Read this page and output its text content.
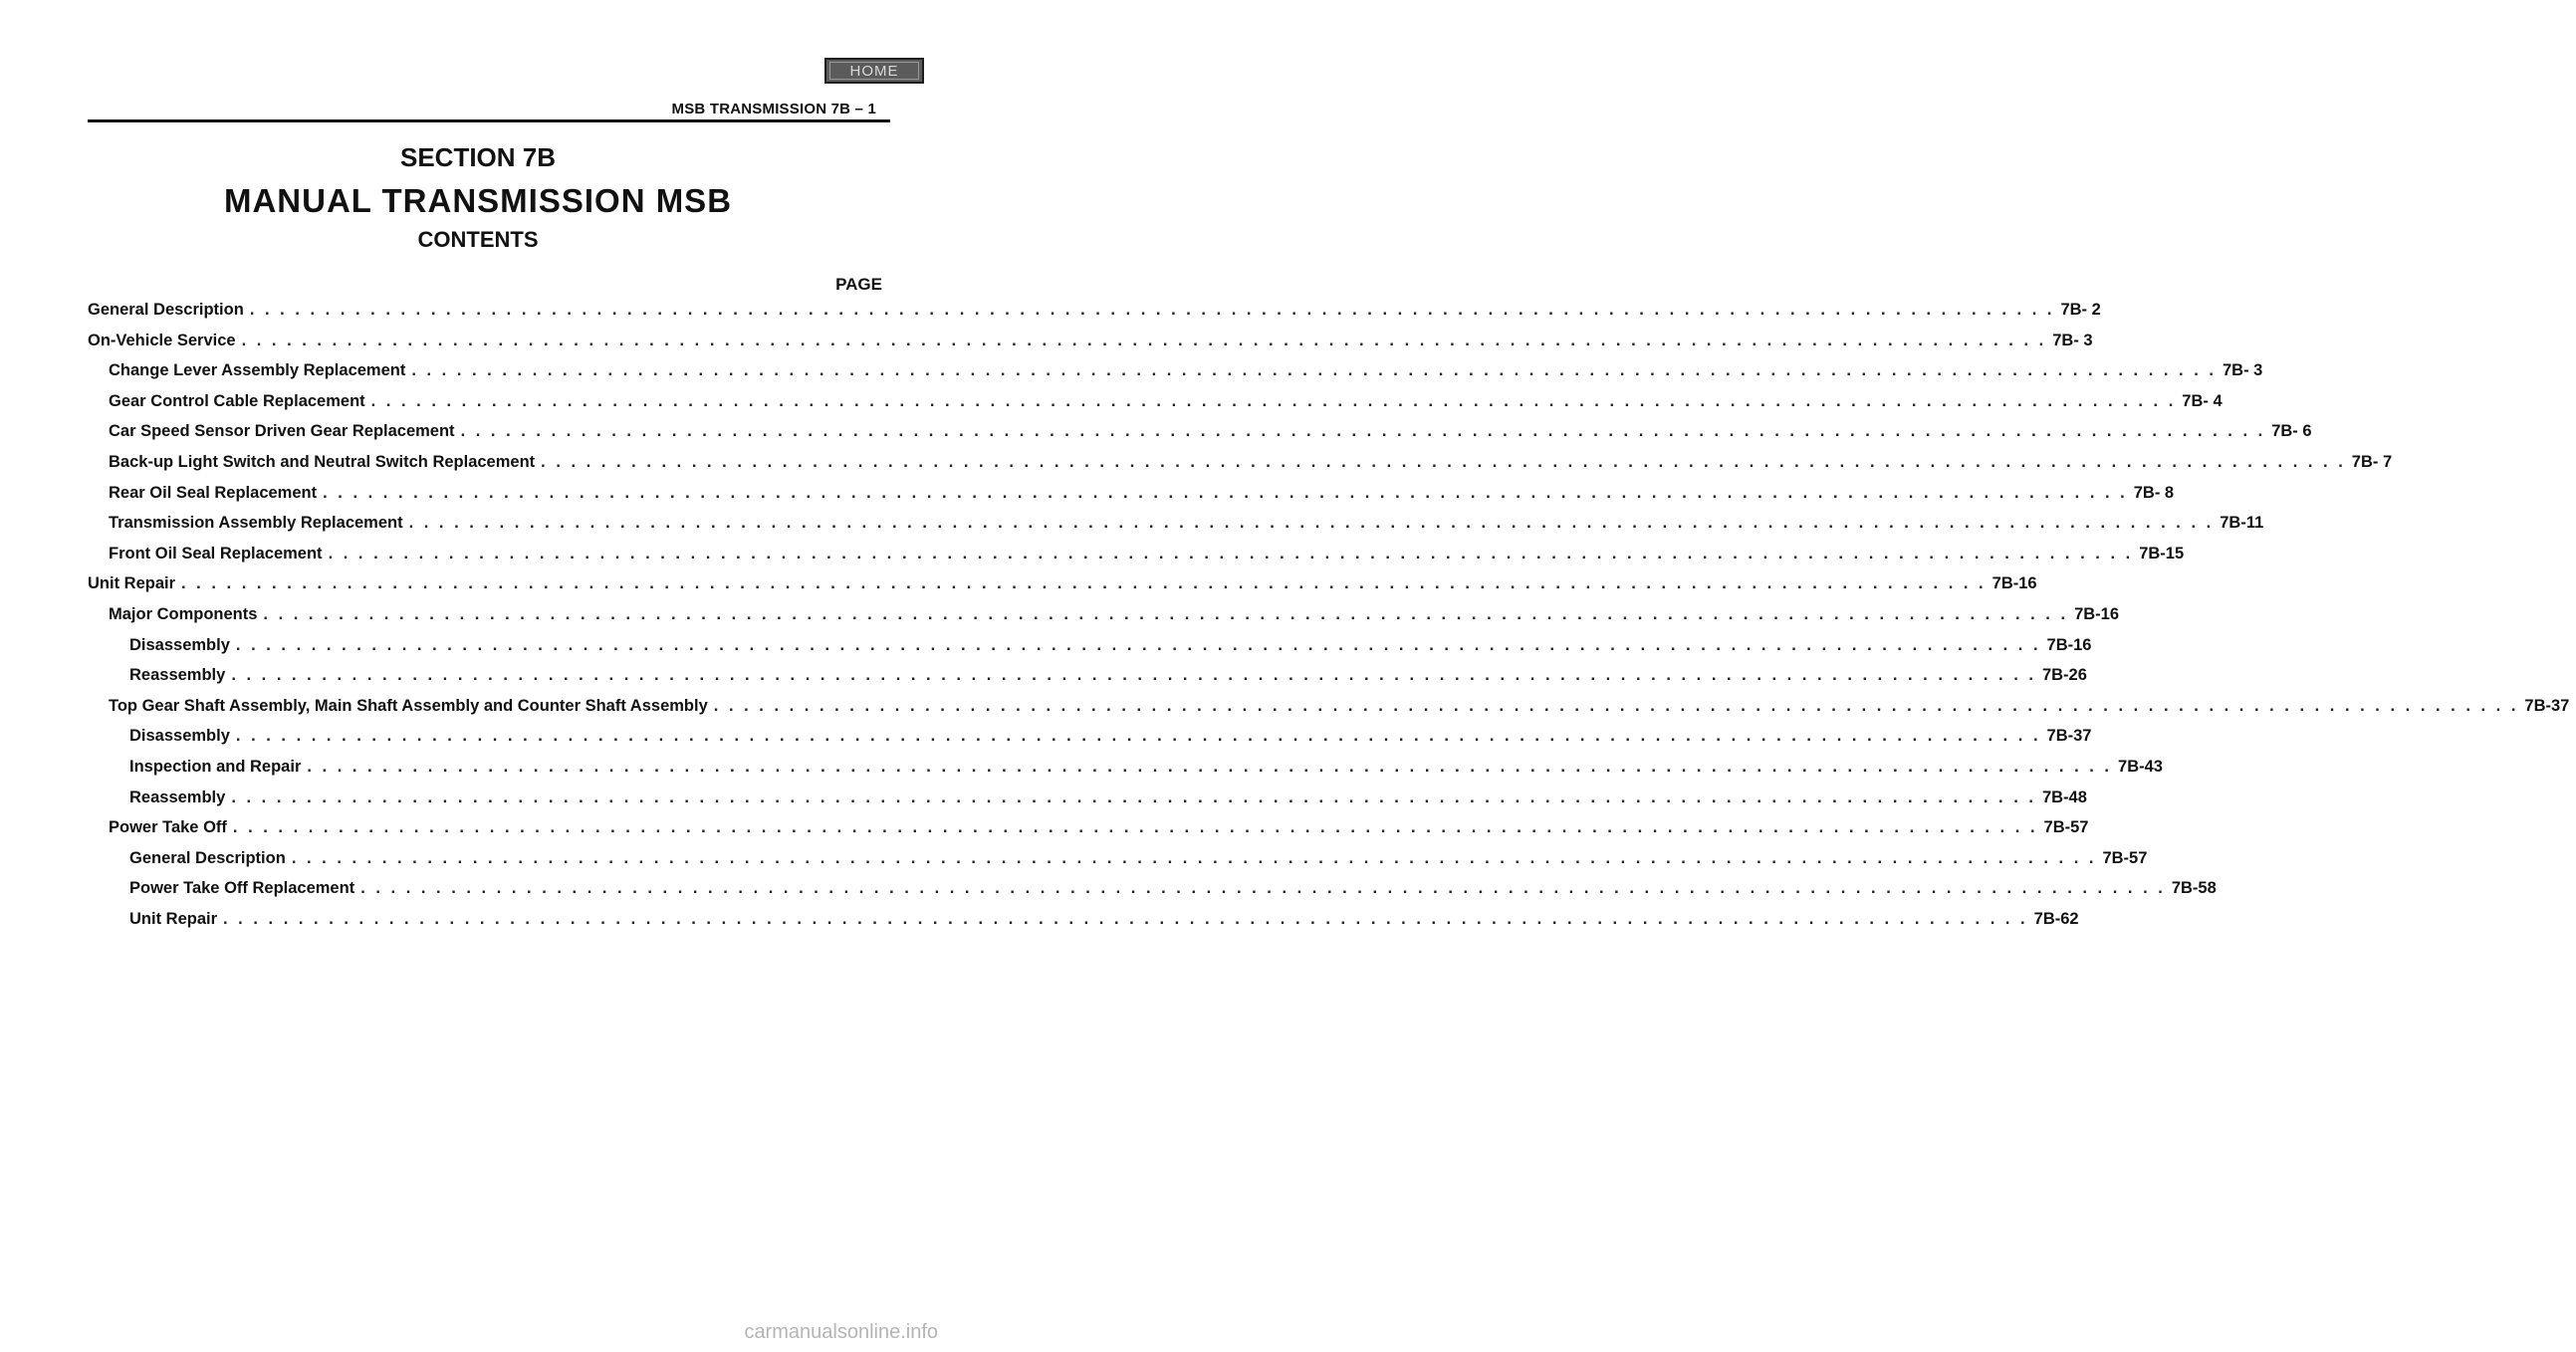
HOME
MSB TRANSMISSION 7B – 1
SECTION 7B
MANUAL TRANSMISSION MSB
CONTENTS
PAGE
General Description . . . . . . . . . . . . . . . . . . . . . . . . . . . . . . . . . . . . . . . . . . . . . . . . . . . . . . . . . . . . . . . . . . . . . . . . . . . . . . . . . . . . . . . . . . . . . . . . . . . . . . . . . . . . . . . . . . . . . . . . 7B- 2
On-Vehicle Service . . . . . . . . . . . . . . . . . . . . . . . . . . . . . . . . . . . . . . . . . . . . . . . . . . . . . . . . . . . . . . . . . . . . . . . . . . . . . . . . . . . . . . . . . . . . . . . . . . . . . . . . . . . . . . . . . . . . . . . . 7B- 3
Change Lever Assembly Replacement . . . . . . . . . . . . . . . . . . . . . . . . . . . . . . . . . . . . . . . . . . . . . . . . . . . . . . . . . . . . . . . . . . . . . . . . . . . . . . . . . . . . . . . . . . . . . . . . . . . . . . . . . . . . . . . . . . . . . . . . 7B- 3
Gear Control Cable Replacement . . . . . . . . . . . . . . . . . . . . . . . . . . . . . . . . . . . . . . . . . . . . . . . . . . . . . . . . . . . . . . . . . . . . . . . . . . . . . . . . . . . . . . . . . . . . . . . . . . . . . . . . . . . . . . . . . . . . . . . . 7B- 4
Car Speed Sensor Driven Gear Replacement . . . . . . . . . . . . . . . . . . . . . . . . . . . . . . . . . . . . . . . . . . . . . . . . . . . . . . . . . . . . . . . . . . . . . . . . . . . . . . . . . . . . . . . . . . . . . . . . . . . . . . . . . . . . . . . . . . . . . . . . 7B- 6
Back-up Light Switch and Neutral Switch Replacement . . . . . . . . . . . . . . . . . . . . . . . . . . . . . . . . . . . . . . . . . . . . . . . . . . . . . . . . . . . . . . . . . . . . . . . . . . . . . . . . . . . . . . . . . . . . . . . . . . . . . . . . . . . . . . . . . . . . . . . . 7B- 7
Rear Oil Seal Replacement . . . . . . . . . . . . . . . . . . . . . . . . . . . . . . . . . . . . . . . . . . . . . . . . . . . . . . . . . . . . . . . . . . . . . . . . . . . . . . . . . . . . . . . . . . . . . . . . . . . . . . . . . . . . . . . . . . . . . . . . 7B- 8
Transmission Assembly Replacement . . . . . . . . . . . . . . . . . . . . . . . . . . . . . . . . . . . . . . . . . . . . . . . . . . . . . . . . . . . . . . . . . . . . . . . . . . . . . . . . . . . . . . . . . . . . . . . . . . . . . . . . . . . . . . . . . . . . . . . . 7B-11
Front Oil Seal Replacement . . . . . . . . . . . . . . . . . . . . . . . . . . . . . . . . . . . . . . . . . . . . . . . . . . . . . . . . . . . . . . . . . . . . . . . . . . . . . . . . . . . . . . . . . . . . . . . . . . . . . . . . . . . . . . . . . . . . . . . . 7B-15
Unit Repair . . . . . . . . . . . . . . . . . . . . . . . . . . . . . . . . . . . . . . . . . . . . . . . . . . . . . . . . . . . . . . . . . . . . . . . . . . . . . . . . . . . . . . . . . . . . . . . . . . . . . . . . . . . . . . . . . . . . . . . . 7B-16
Major Components . . . . . . . . . . . . . . . . . . . . . . . . . . . . . . . . . . . . . . . . . . . . . . . . . . . . . . . . . . . . . . . . . . . . . . . . . . . . . . . . . . . . . . . . . . . . . . . . . . . . . . . . . . . . . . . . . . . . . . . . 7B-16
Disassembly . . . . . . . . . . . . . . . . . . . . . . . . . . . . . . . . . . . . . . . . . . . . . . . . . . . . . . . . . . . . . . . . . . . . . . . . . . . . . . . . . . . . . . . . . . . . . . . . . . . . . . . . . . . . . . . . . . . . . . . . 7B-16
Reassembly . . . . . . . . . . . . . . . . . . . . . . . . . . . . . . . . . . . . . . . . . . . . . . . . . . . . . . . . . . . . . . . . . . . . . . . . . . . . . . . . . . . . . . . . . . . . . . . . . . . . . . . . . . . . . . . . . . . . . . . . 7B-26
Top Gear Shaft Assembly, Main Shaft Assembly and Counter Shaft Assembly . . . . . . . . . . . . . . . . . . . . . . . . . . . . . . . . . . . . . . . . . . . . . . . . . . . . . . . . . . . . . . . . . . . . . . . . . . . . . . . . . . . . . . . . . . . . . . . . . . . . . . . . . . . . . . . . . . . . . . . . 7B-37
Disassembly . . . . . . . . . . . . . . . . . . . . . . . . . . . . . . . . . . . . . . . . . . . . . . . . . . . . . . . . . . . . . . . . . . . . . . . . . . . . . . . . . . . . . . . . . . . . . . . . . . . . . . . . . . . . . . . . . . . . . . . . 7B-37
Inspection and Repair . . . . . . . . . . . . . . . . . . . . . . . . . . . . . . . . . . . . . . . . . . . . . . . . . . . . . . . . . . . . . . . . . . . . . . . . . . . . . . . . . . . . . . . . . . . . . . . . . . . . . . . . . . . . . . . . . . . . . . . . 7B-43
Reassembly . . . . . . . . . . . . . . . . . . . . . . . . . . . . . . . . . . . . . . . . . . . . . . . . . . . . . . . . . . . . . . . . . . . . . . . . . . . . . . . . . . . . . . . . . . . . . . . . . . . . . . . . . . . . . . . . . . . . . . . . 7B-48
Power Take Off . . . . . . . . . . . . . . . . . . . . . . . . . . . . . . . . . . . . . . . . . . . . . . . . . . . . . . . . . . . . . . . . . . . . . . . . . . . . . . . . . . . . . . . . . . . . . . . . . . . . . . . . . . . . . . . . . . . . . . . . 7B-57
General Description . . . . . . . . . . . . . . . . . . . . . . . . . . . . . . . . . . . . . . . . . . . . . . . . . . . . . . . . . . . . . . . . . . . . . . . . . . . . . . . . . . . . . . . . . . . . . . . . . . . . . . . . . . . . . . . . . . . . . . . . 7B-57
Power Take Off Replacement . . . . . . . . . . . . . . . . . . . . . . . . . . . . . . . . . . . . . . . . . . . . . . . . . . . . . . . . . . . . . . . . . . . . . . . . . . . . . . . . . . . . . . . . . . . . . . . . . . . . . . . . . . . . . . . . . . . . . . . . 7B-58
Unit Repair . . . . . . . . . . . . . . . . . . . . . . . . . . . . . . . . . . . . . . . . . . . . . . . . . . . . . . . . . . . . . . . . . . . . . . . . . . . . . . . . . . . . . . . . . . . . . . . . . . . . . . . . . . . . . . . . . . . . . . . . 7B-62
carmanualsonline.info
